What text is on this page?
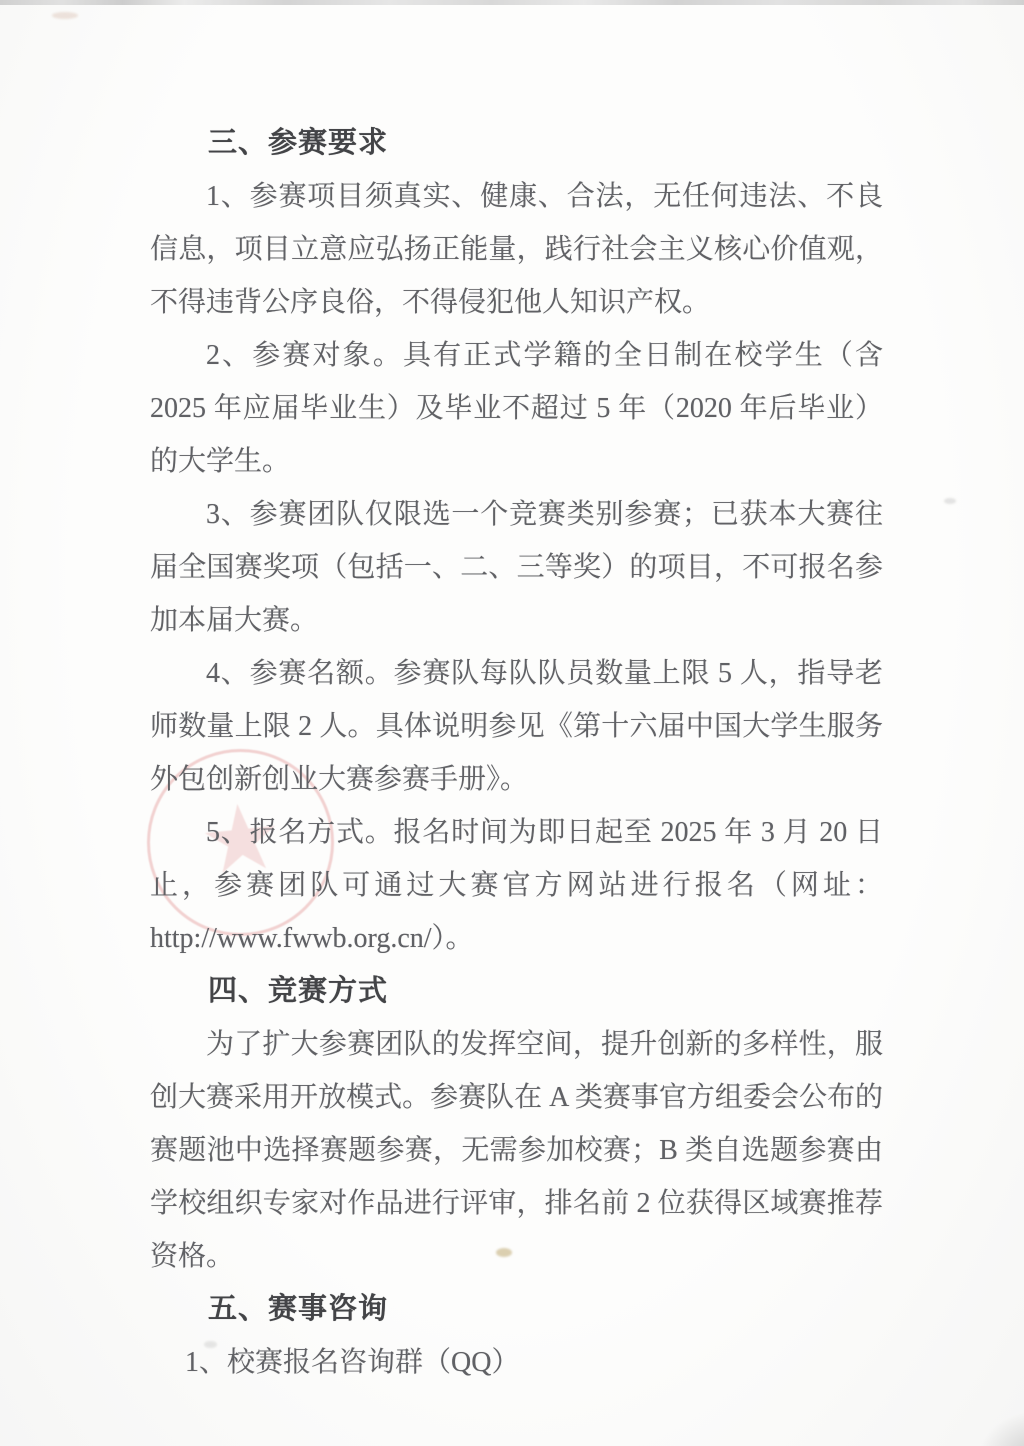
★
三、参赛要求

1、参赛项目须真实、健康、合法，无任何违法、不良信息，项目立意应弘扬正能量，践行社会主义核心价值观，不得违背公序良俗，不得侵犯他人知识产权。

2、参赛对象。具有正式学籍的全日制在校学生（含 2025 年应届毕业生）及毕业不超过 5 年（2020 年后毕业）的大学生。

3、参赛团队仅限选一个竞赛类别参赛；已获本大赛往届全国赛奖项（包括一、二、三等奖）的项目，不可报名参加本届大赛。

4、参赛名额。参赛队每队队员数量上限 5 人，指导老师数量上限 2 人。具体说明参见《第十六届中国大学生服务外包创新创业大赛参赛手册》。

5、报名方式。报名时间为即日起至 2025 年 3 月 20 日止，参赛团队可通过大赛官方网站进行报名（网址：http://www.fwwb.org.cn/）。

四、竞赛方式

为了扩大参赛团队的发挥空间，提升创新的多样性，服创大赛采用开放模式。参赛队在 A 类赛事官方组委会公布的赛题池中选择赛题参赛，无需参加校赛；B 类自选题参赛由学校组织专家对作品进行评审，排名前 2 位获得区域赛推荐资格。

五、赛事咨询

1、校赛报名咨询群（QQ）
